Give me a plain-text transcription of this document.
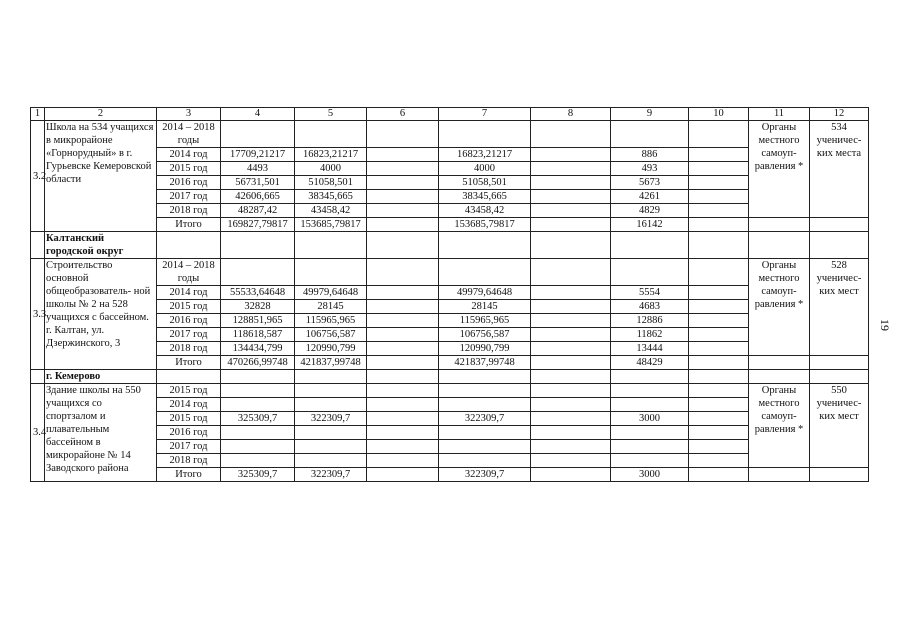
1	2	3	4	5	6	7	8	9	10	11	12
3.2	Школа на 534 учащихся в микрорайоне «Горнорудный» в г. Гурьевске Кемеровской области	2014 – 2018 годы								Органы местного самоуп- равления *	534 ученичес- ких места
		2014 год	17709,21217	16823,21217		16823,21217		886			
		2015 год	4493	4000		4000		493			
		2016 год	56731,501	51058,501		51058,501		5673			
		2017 год	42606,665	38345,665		38345,665		4261			
		2018 год	48287,42	43458,42		43458,42		4829			
		Итого	169827,79817	153685,79817		153685,79817		16142			
	Калтанский городской округ										
3.3	Строительство основной общеобразователь- ной школы № 2 на 528 учащихся с бассейном. г. Калтан, ул. Дзержинского, 3	2014 – 2018 годы								Органы местного самоуп- равления *	528 ученичес- ких мест
		2014 год	55533,64648	49979,64648		49979,64648		5554			
		2015 год	32828	28145		28145		4683			
		2016 год	128851,965	115965,965		115965,965		12886			
		2017 год	118618,587	106756,587		106756,587		11862			
		2018 год	134434,799	120990,799		120990,799		13444			
		Итого	470266,99748	421837,99748		421837,99748		48429			
	г. Кемерово										
3.4	Здание школы на 550 учащихся со спортзалом и плавательным бассейном в микрорайоне № 14 Заводского района	2015 год								Органы местного самоуп- равления *	550 ученичес- ких мест
		2014 год									
		2015 год	325309,7	322309,7		322309,7		3000			
		2016 год									
		2017 год									
		2018 год									
		Итого	325309,7	322309,7		322309,7		3000			
19
